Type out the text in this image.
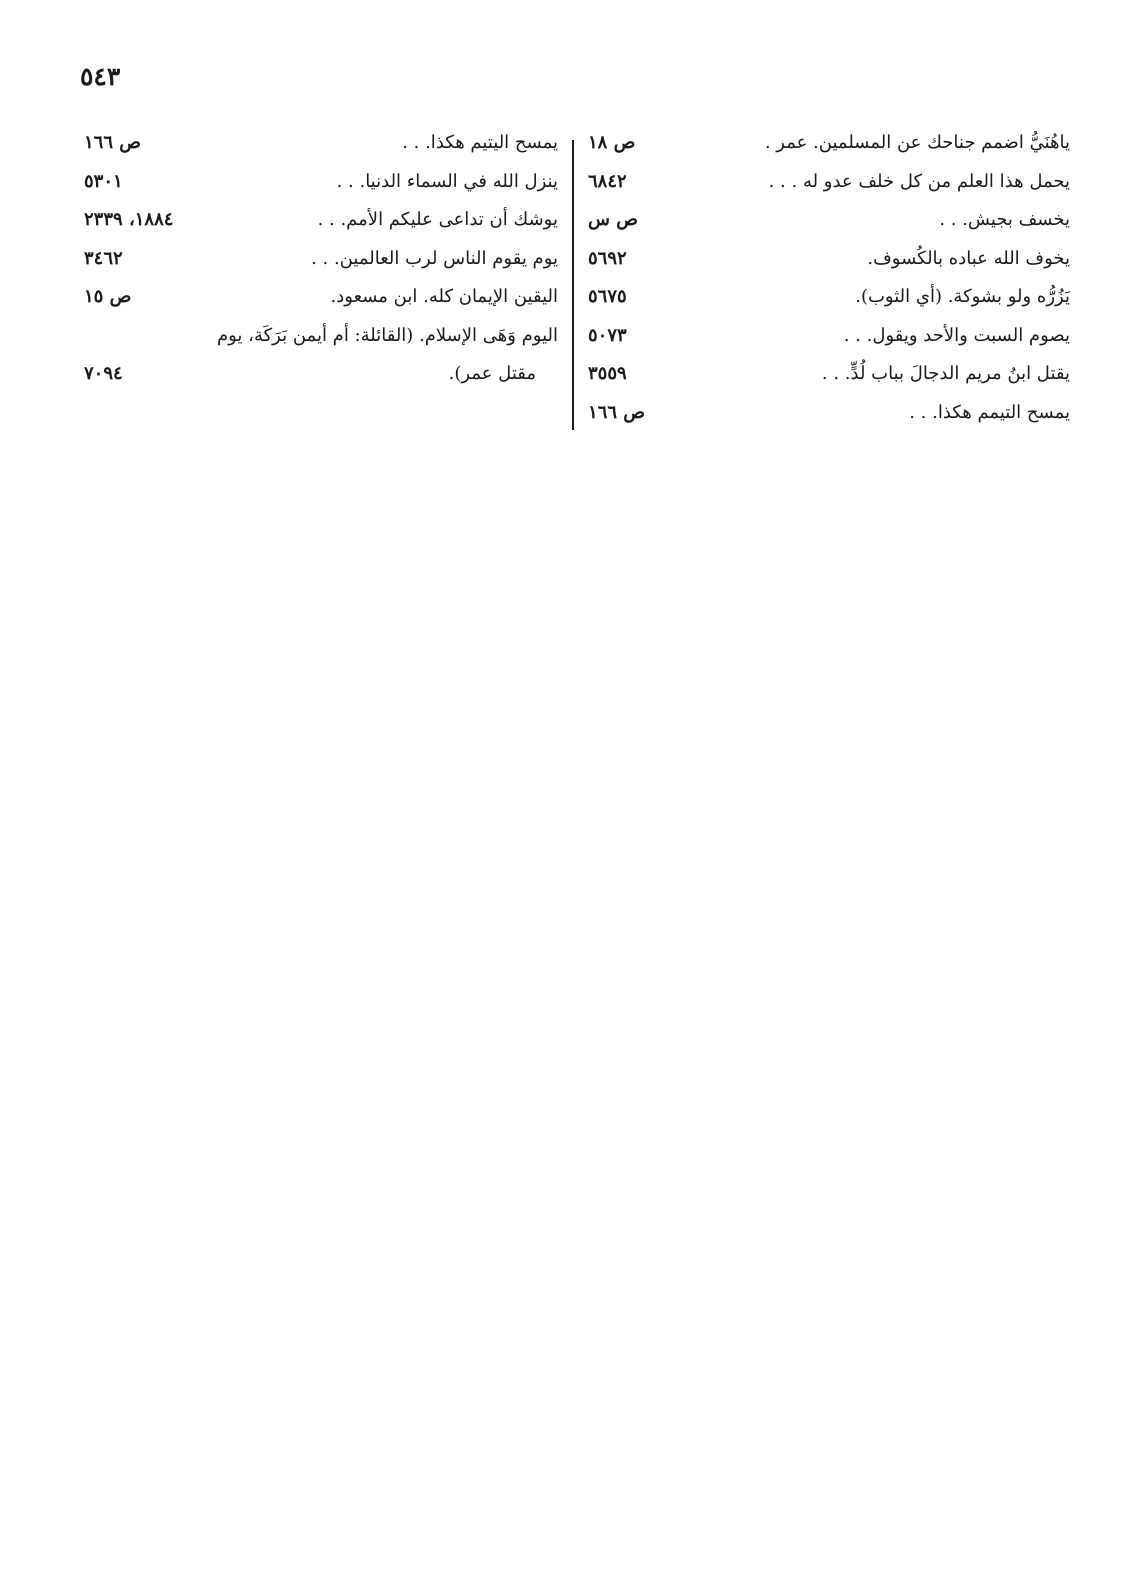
٥٤٣
ياهُنَيُّ اضمم جناحك عن المسلمين. عمر .
ص ١٨
يحمل هذا العلم من كل خلف عدو له . . .
٦٨٤٢
يخسف بجيش. . .
ص س
يخوف الله عباده بالكُسوف.
٥٦٩٢
يَزُرُّه ولو بشوكة. (أي الثوب).
٥٦٧٥
يصوم السبت والأحد ويقول. . .
٥٠٧٣
يقتل ابنُ مريم الدجالَ بباب لُدٍّ. . .
٣٥٥٩
يمسح التيمم هكذا. . .
ص ١٦٦
يمسح اليتيم هكذا. . .
ص ١٦٦
ينزل الله في السماء الدنيا. . .
٥٣٠١
يوشك أن تداعى عليكم الأمم. . .
١٨٨٤، ٢٣٣٩
يوم يقوم الناس لرب العالمين. . .
٣٤٦٢
اليقين الإيمان كله. ابن مسعود.
ص ١٥
اليوم وَهَى الإسلام. (القائلة: أم أيمن بَرَكَة، يوم
مقتل عمر).
٧٠٩٤
